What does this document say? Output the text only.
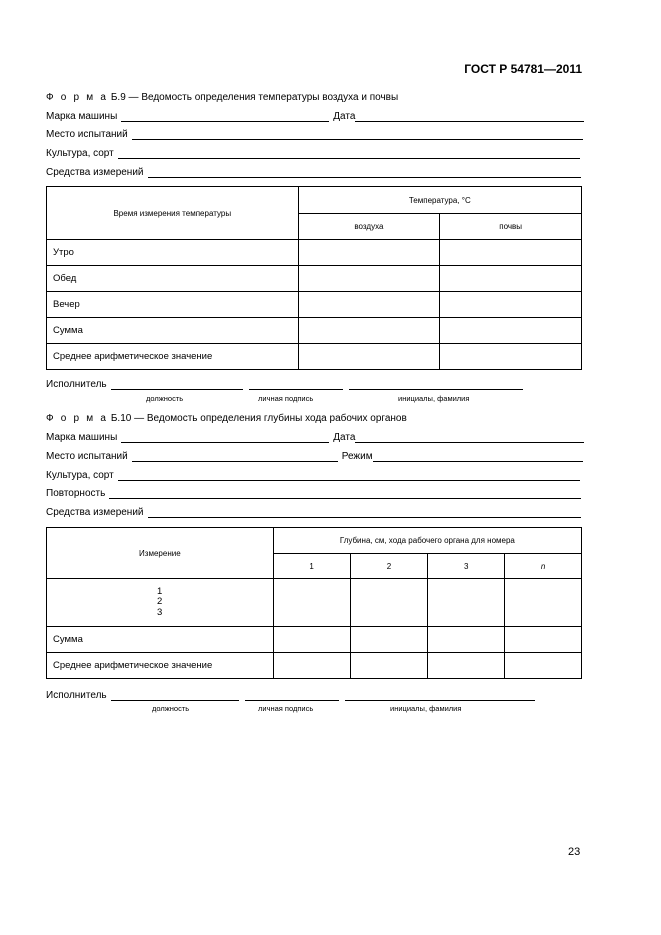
ГОСТ Р 54781—2011
Ф о р м а Б.9 — Ведомость определения температуры воздуха и почвы
Марка машины	Дата
Место испытаний
Культура, сорт
Средства измерений
Время измерения температуры	Температура, °С	
	воздуха	почвы
Утро		
Обед		
Вечер		
Сумма		
Среднее арифметическое значение		
Исполнитель
должность	личная подпись	инициалы, фамилия
Ф о р м а Б.10 — Ведомость определения глубины хода рабочих органов
Марка машины	Дата
Место испытаний	Режим
Культура, сорт
Повторность
Средства измерений
Измерение	Глубина, см, хода рабочего органа для номера			
	1	2	3	n

1
2
3				

Сумма				
Среднее арифметическое значение				
Исполнитель
должность	личная подпись	инициалы, фамилия
23
